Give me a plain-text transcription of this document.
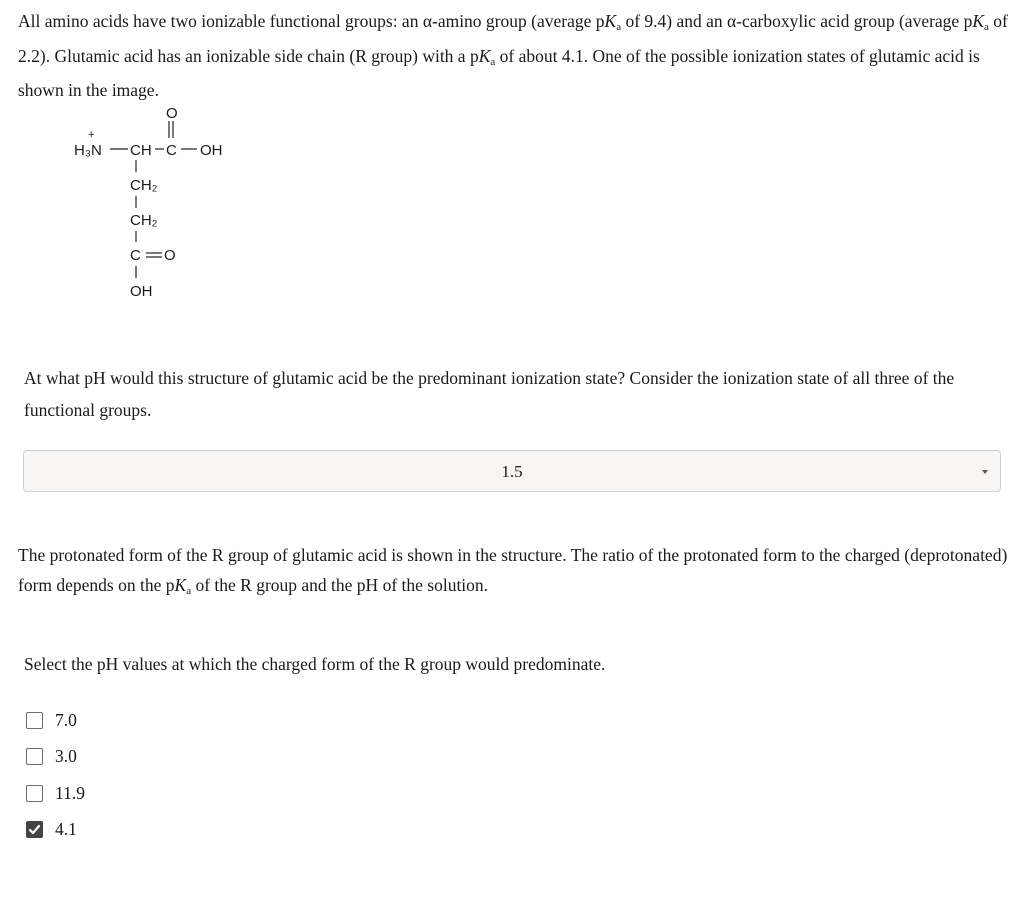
All amino acids have two ionizable functional groups: an α-amino group (average $pK_a$ of 9.4) and an α-carboxylic acid group (average $pK_a$ of 2.2). Glutamic acid has an ionizable side chain (R group) with a $pK_a$ of about 4.1. One of the possible ionization states of glutamic acid is shown in the image.

+
H₃N CH C
O
OH
CH₂
CH₂
C O
OH

At what pH would this structure of glutamic acid be the predominant ionization state? Consider the ionization state of all three of the functional groups.

1.5

The protonated form of the R group of glutamic acid is shown in the structure. The ratio of the protonated form to the charged (deprotonated) form depends on the $pK_a$ of the R group and the pH of the solution.

Select the pH values at which the charged form of the R group would predominate.

7.0
3.0
11.9
4.1
